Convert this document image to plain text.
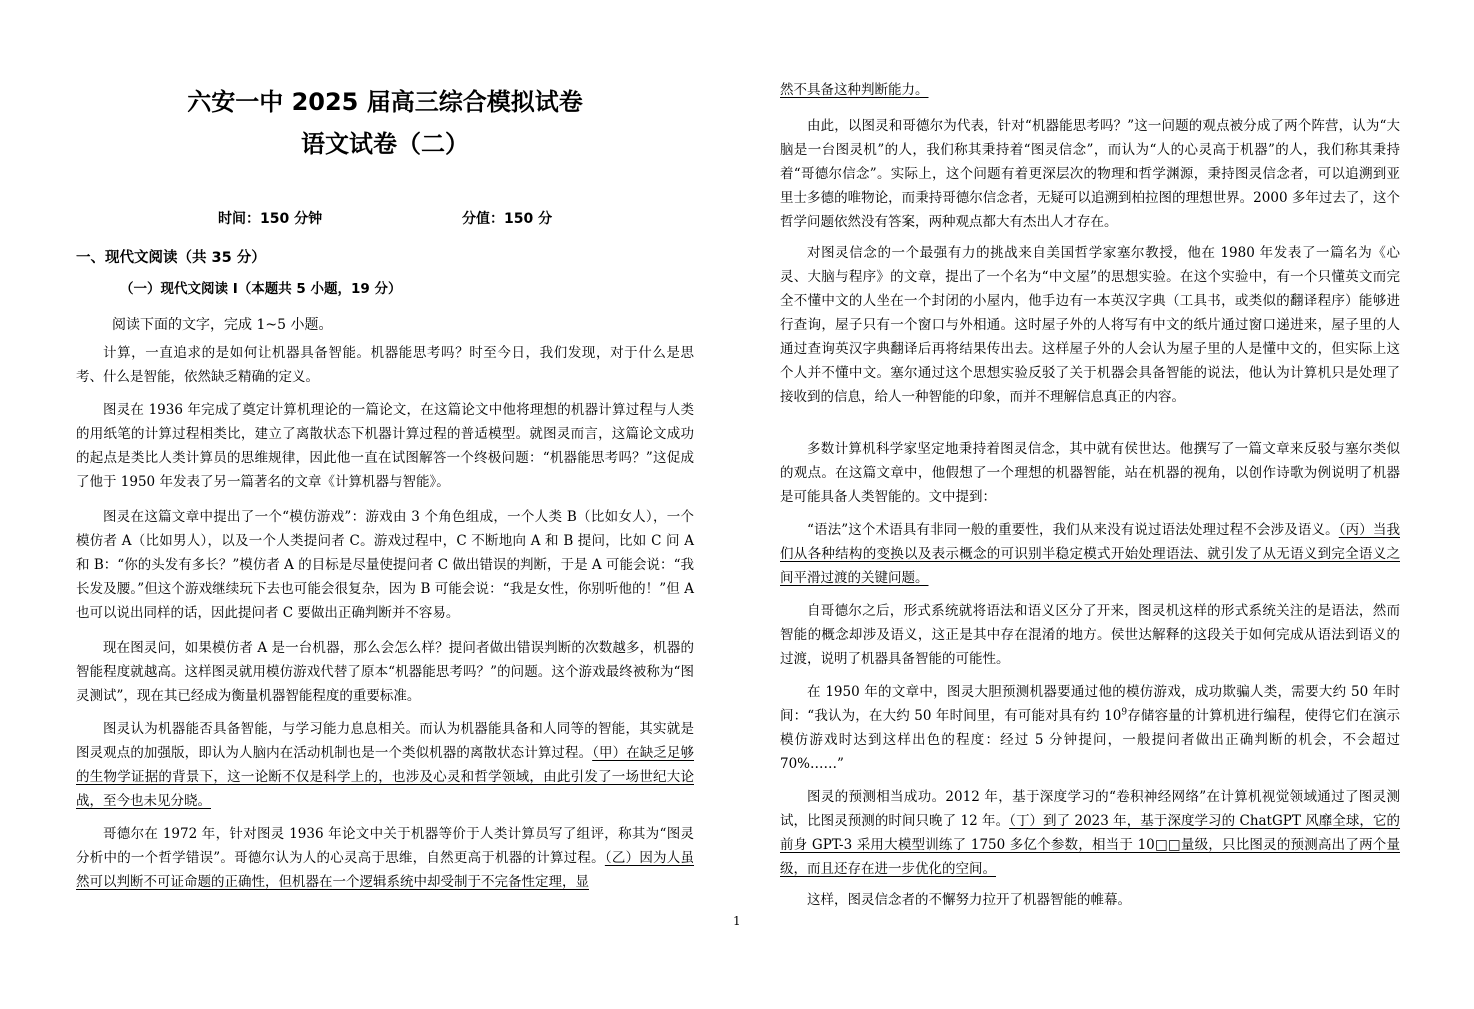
六安一中 2025 届高三综合模拟试卷
语文试卷（二）
时间：150 分钟	分值：150 分
一、现代文阅读（共 35 分）
（一）现代文阅读 I（本题共 5 小题，19 分）
阅读下面的文字，完成 1~5 小题。

计算，一直追求的是如何让机器具备智能。机器能思考吗？时至今日，我们发现，对于什么是思考、什么是智能，依然缺乏精确的定义。

图灵在 1936 年完成了奠定计算机理论的一篇论文，在这篇论文中他将理想的机器计算过程与人类的用纸笔的计算过程相类比，建立了离散状态下机器计算过程的普适模型。就图灵而言，这篇论文成功的起点是类比人类计算员的思维规律，因此他一直在试图解答一个终极问题：“机器能思考吗？”这促成了他于 1950 年发表了另一篇著名的文章《计算机器与智能》。

图灵在这篇文章中提出了一个“模仿游戏”：游戏由 3 个角色组成，一个人类 B（比如女人），一个模仿者 A（比如男人），以及一个人类提问者 C。游戏过程中，C 不断地向 A 和 B 提问，比如 C 问 A 和 B：“你的头发有多长？”模仿者 A 的目标是尽量使提问者 C 做出错误的判断，于是 A 可能会说：“我长发及腰。”但这个游戏继续玩下去也可能会很复杂，因为 B 可能会说：“我是女性，你别听他的！”但 A 也可以说出同样的话，因此提问者 C 要做出正确判断并不容易。

现在图灵问，如果模仿者 A 是一台机器，那么会怎么样？提问者做出错误判断的次数越多，机器的智能程度就越高。这样图灵就用模仿游戏代替了原本“机器能思考吗？”的问题。这个游戏最终被称为“图灵测试”，现在其已经成为衡量机器智能程度的重要标准。

图灵认为机器能否具备智能，与学习能力息息相关。而认为机器能具备和人同等的智能，其实就是图灵观点的加强版，即认为人脑内在活动机制也是一个类似机器的离散状态计算过程。（甲）在缺乏足够的生物学证据的背景下，这一论断不仅是科学上的，也涉及心灵和哲学领域，由此引发了一场世纪大论战，至今也未见分晓。

哥德尔在 1972 年，针对图灵 1936 年论文中关于机器等价于人类计算员写了组评，称其为“图灵分析中的一个哲学错误”。哥德尔认为人的心灵高于思维，自然更高于机器的计算过程。（乙）因为人虽然可以判断不可证命题的正确性，但机器在一个逻辑系统中却受制于不完备性定理，显

然不具备这种判断能力。

由此，以图灵和哥德尔为代表，针对“机器能思考吗？”这一问题的观点被分成了两个阵营，认为“大脑是一台图灵机”的人，我们称其秉持着“图灵信念”，而认为“人的心灵高于机器”的人，我们称其秉持着“哥德尔信念”。实际上，这个问题有着更深层次的物理和哲学渊源，秉持图灵信念者，可以追溯到亚里士多德的唯物论，而秉持哥德尔信念者，无疑可以追溯到柏拉图的理想世界。2000 多年过去了，这个哲学问题依然没有答案，两种观点都大有杰出人才存在。

对图灵信念的一个最强有力的挑战来自美国哲学家塞尔教授，他在 1980 年发表了一篇名为《心灵、大脑与程序》的文章，提出了一个名为“中文屋”的思想实验。在这个实验中，有一个只懂英文而完全不懂中文的人坐在一个封闭的小屋内，他手边有一本英汉字典（工具书，或类似的翻译程序）能够进行查询，屋子只有一个窗口与外相通。这时屋子外的人将写有中文的纸片通过窗口递进来，屋子里的人通过查询英汉字典翻译后再将结果传出去。这样屋子外的人会认为屋子里的人是懂中文的，但实际上这个人并不懂中文。塞尔通过这个思想实验反驳了关于机器会具备智能的说法，他认为计算机只是处理了接收到的信息，给人一种智能的印象，而并不理解信息真正的内容。

多数计算机科学家坚定地秉持着图灵信念，其中就有侯世达。他撰写了一篇文章来反驳与塞尔类似的观点。在这篇文章中，他假想了一个理想的机器智能，站在机器的视角，以创作诗歌为例说明了机器是可能具备人类智能的。文中提到：

“语法”这个术语具有非同一般的重要性，我们从来没有说过语法处理过程不会涉及语义。（丙）当我们从各种结构的变换以及表示概念的可识别半稳定模式开始处理语法、就引发了从无语义到完全语义之间平滑过渡的关键问题。

自哥德尔之后，形式系统就将语法和语义区分了开来，图灵机这样的形式系统关注的是语法，然而智能的概念却涉及语义，这正是其中存在混淆的地方。侯世达解释的这段关于如何完成从语法到语义的过渡，说明了机器具备智能的可能性。

在 1950 年的文章中，图灵大胆预测机器要通过他的模仿游戏，成功欺骗人类，需要大约 50 年时间：“我认为，在大约 50 年时间里，有可能对具有约 $10^9$存储容量的计算机进行编程，使得它们在演示模仿游戏时达到这样出色的程度：经过 5 分钟提问，一般提问者做出正确判断的机会，不会超过 70%……”

图灵的预测相当成功。2012 年，基于深度学习的“卷积神经网络”在计算机视觉领域通过了图灵测试，比图灵预测的时间只晚了 12 年。（丁）到了 2023 年，基于深度学习的 ChatGPT 风靡全球，它的前身 GPT-3 采用大模型训练了 1750 多亿个参数，相当于 10□□量级，只比图灵的预测高出了两个量级，而且还存在进一步优化的空间。

这样，图灵信念者的不懈努力拉开了机器智能的帷幕。

1
